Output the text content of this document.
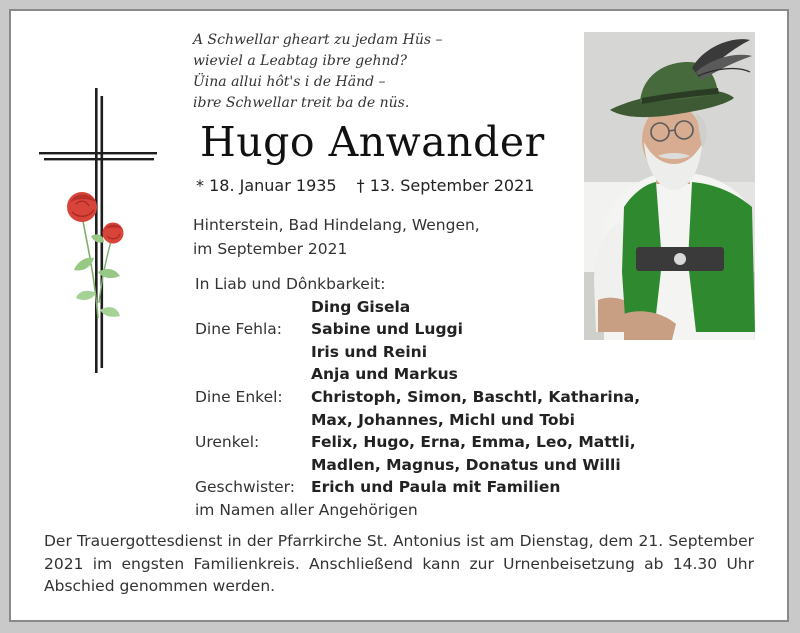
A Schwellar gheart zu jedam Hüs –
wieviel a Leabtag ibre gehnd?
Üina allui hôt's i de Händ –
ibre Schwellar treit ba de nüs.
Hugo Anwander
* 18. Januar 1935 † 13. September 2021
Hinterstein, Bad Hindelang, Wengen,
im September 2021
In Liab und Dônkbarkeit:
Ding Gisela
Dine Fehla:	Sabine und Luggi
Iris und Reini
Anja und Markus
Dine Enkel:	Christoph, Simon, Baschtl, Katharina,
Max, Johannes, Michl und Tobi
Urenkel:	Felix, Hugo, Erna, Emma, Leo, Mattli,
Madlen, Magnus, Donatus und Willi
Geschwister:	Erich und Paula mit Familien
im Namen aller Angehörigen
Der Trauergottesdienst in der Pfarrkirche St. Antonius ist am Dienstag, dem 21. September 2021 im engsten Familienkreis. Anschließend kann zur Urnenbeisetzung ab 14.30 Uhr Abschied genommen werden.
